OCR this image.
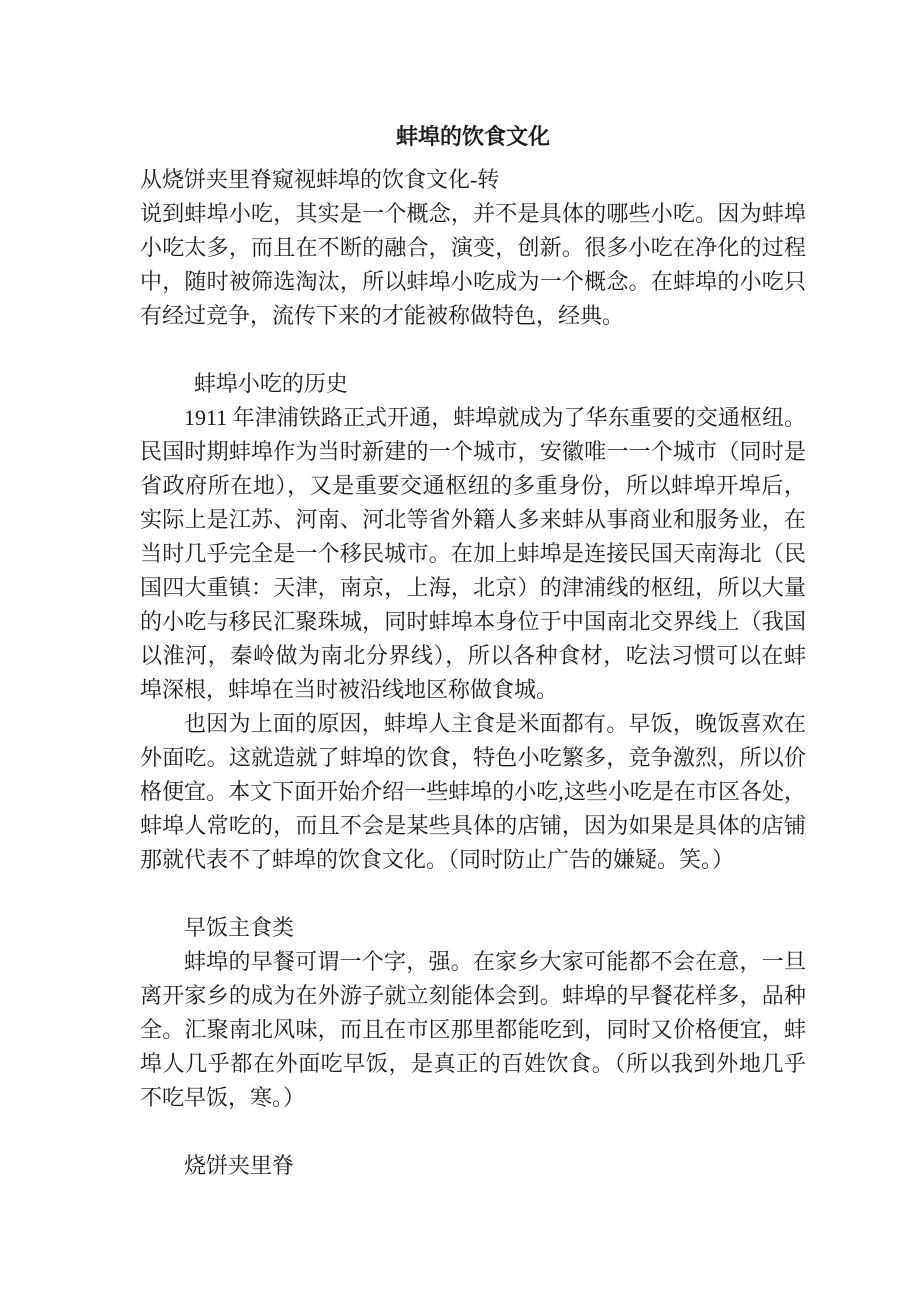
蚌埠的饮食文化

从烧饼夹里脊窥视蚌埠的饮食文化-转

说到蚌埠小吃，其实是一个概念，并不是具体的哪些小吃。因为蚌埠小吃太多，而且在不断的融合，演变，创新。很多小吃在净化的过程中，随时被筛选淘汰，所以蚌埠小吃成为一个概念。在蚌埠的小吃只有经过竞争，流传下来的才能被称做特色，经典。

蚌埠小吃的历史

1911 年津浦铁路正式开通，蚌埠就成为了华东重要的交通枢纽。民国时期蚌埠作为当时新建的一个城市，安徽唯一一个城市（同时是省政府所在地），又是重要交通枢纽的多重身份，所以蚌埠开埠后，实际上是江苏、河南、河北等省外籍人多来蚌从事商业和服务业，在当时几乎完全是一个移民城市。在加上蚌埠是连接民国天南海北（民国四大重镇：天津，南京，上海，北京）的津浦线的枢纽，所以大量的小吃与移民汇聚珠城，同时蚌埠本身位于中国南北交界线上（我国以淮河，秦岭做为南北分界线），所以各种食材，吃法习惯可以在蚌埠深根，蚌埠在当时被沿线地区称做食城。

也因为上面的原因，蚌埠人主食是米面都有。早饭，晚饭喜欢在外面吃。这就造就了蚌埠的饮食，特色小吃繁多，竞争激烈，所以价格便宜。本文下面开始介绍一些蚌埠的小吃,这些小吃是在市区各处，蚌埠人常吃的，而且不会是某些具体的店铺，因为如果是具体的店铺那就代表不了蚌埠的饮食文化。（同时防止广告的嫌疑。笑。）

早饭主食类

蚌埠的早餐可谓一个字，强。在家乡大家可能都不会在意，一旦离开家乡的成为在外游子就立刻能体会到。蚌埠的早餐花样多，品种全。汇聚南北风味，而且在市区那里都能吃到，同时又价格便宜，蚌埠人几乎都在外面吃早饭，是真正的百姓饮食。（所以我到外地几乎不吃早饭，寒。）

烧饼夹里脊
